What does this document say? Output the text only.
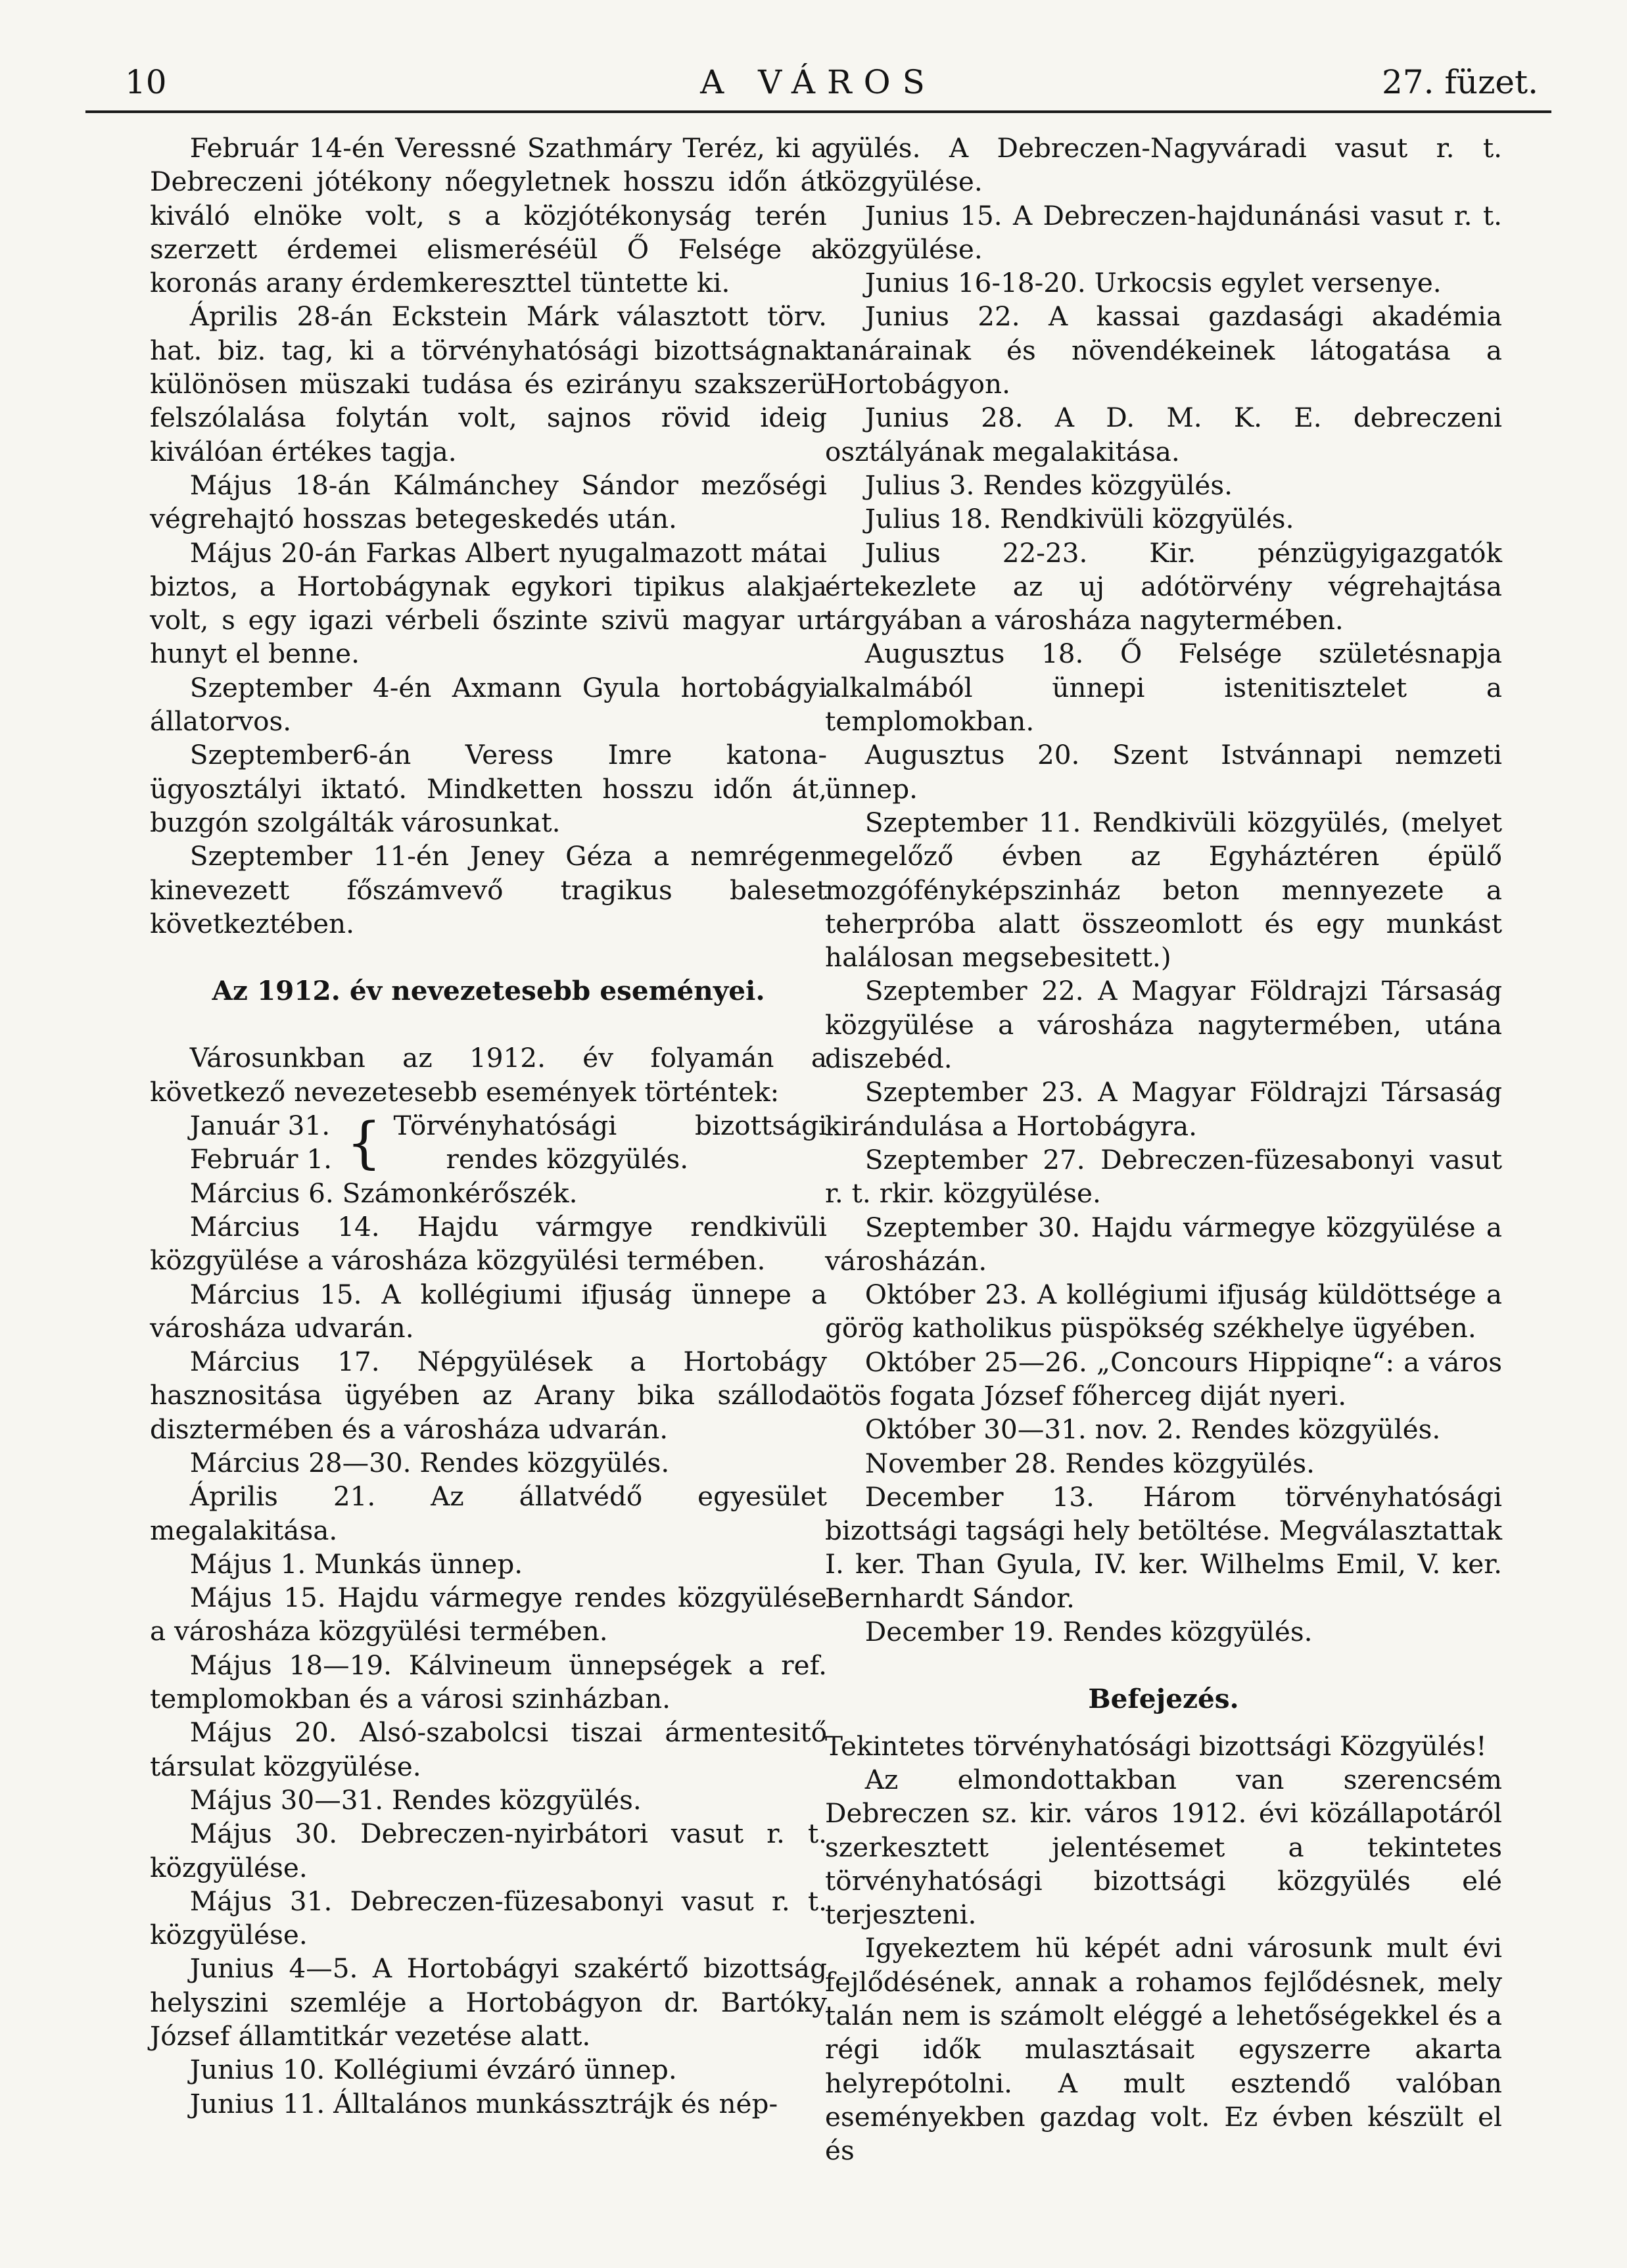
10	A VÁROS	27. füzet.

Február 14-én Veressné Szathmáry Teréz, ki a Debreczeni jótékony nőegyletnek hosszu időn át kiváló elnöke volt, s a közjótékonyság terén szerzett érdemei elismeréséül Ő Felsége a koronás arany érdemkereszttel tüntette ki.

Április 28-án Eckstein Márk választott törv. hat. biz. tag, ki a törvényhatósági bizottságnak különösen müszaki tudása és ezirányu szakszerü felszólalása folytán volt, sajnos rövid ideig kiválóan értékes tagja.

Május 18-án Kálmánchey Sándor mezőségi végrehajtó hosszas betegeskedés után.

Május 20-án Farkas Albert nyugalmazott mátai biztos, a Hortobágynak egykori tipikus alakja volt, s egy igazi vérbeli őszinte szivü magyar ur hunyt el benne.

Szeptember 4-én Axmann Gyula hortobágyi állatorvos.

Szeptember6-án Veress Imre katona-ügyosztályi iktató. Mindketten hosszu időn át, buzgón szolgálták városunkat.

Szeptember 11-én Jeney Géza a nemrégen kinevezett főszámvevő tragikus baleset következtében.

Az 1912. év nevezetesebb eseményei.

Városunkban az 1912. év folyamán a következő nevezetesebb események történtek:

Január 31.
Február 1. { Törvényhatósági bizottsági
rendes közgyülés.

Március 6. Számonkérőszék.

Március 14. Hajdu vármgye rendkivüli közgyülése a városháza közgyülési termében.

Március 15. A kollégiumi ifjuság ünnepe a városháza udvarán.

Március 17. Népgyülések a Hortobágy hasznositása ügyében az Arany bika szálloda disztermében és a városháza udvarán.

Március 28—30. Rendes közgyülés.

Április 21. Az állatvédő egyesület megalakitása.

Május 1. Munkás ünnep.

Május 15. Hajdu vármegye rendes közgyülése a városháza közgyülési termében.

Május 18—19. Kálvineum ünnepségek a ref. templomokban és a városi szinházban.

Május 20. Alsó-szabolcsi tiszai ármentesitő társulat közgyülése.

Május 30—31. Rendes közgyülés.

Május 30. Debreczen-nyirbátori vasut r. t. közgyülése.

Május 31. Debreczen-füzesabonyi vasut r. t. közgyülése.

Junius 4—5. A Hortobágyi szakértő bizottság helyszini szemléje a Hortobágyon dr. Bartóky József államtitkár vezetése alatt.

Junius 10. Kollégiumi évzáró ünnep.

Junius 11. Álltalános munkássztrájk és nép-

gyülés. A Debreczen-Nagyváradi vasut r. t. közgyülése.

Junius 15. A Debreczen-hajdunánási vasut r. t. közgyülése.

Junius 16-18-20. Urkocsis egylet versenye.

Junius 22. A kassai gazdasági akadémia tanárainak és növendékeinek látogatása a Hortobágyon.

Junius 28. A D. M. K. E. debreczeni osztályának megalakitása.

Julius 3. Rendes közgyülés.

Julius 18. Rendkivüli közgyülés.

Julius 22-23. Kir. pénzügyigazgatók értekezlete az uj adótörvény végrehajtása tárgyában a városháza nagytermében.

Augusztus 18. Ő Felsége születésnapja alkalmából ünnepi istenitisztelet a templomokban.

Augusztus 20. Szent Istvánnapi nemzeti ünnep.

Szeptember 11. Rendkivüli közgyülés, (melyet megelőző évben az Egyháztéren épülő mozgófényképszinház beton mennyezete a teherpróba alatt összeomlott és egy munkást halálosan megsebesitett.)

Szeptember 22. A Magyar Földrajzi Társaság közgyülése a városháza nagytermében, utána diszebéd.

Szeptember 23. A Magyar Földrajzi Társaság kirándulása a Hortobágyra.

Szeptember 27. Debreczen-füzesabonyi vasut r. t. rkir. közgyülése.

Szeptember 30. Hajdu vármegye közgyülése a városházán.

Október 23. A kollégiumi ifjuság küldöttsége a görög katholikus püspökség székhelye ügyében.

Október 25—26. „Concours Hippiqne“: a város ötös fogata József főherceg diját nyeri.

Október 30—31. nov. 2. Rendes közgyülés.

November 28. Rendes közgyülés.

December 13. Három törvényhatósági bizottsági tagsági hely betöltése. Megválasztattak I. ker. Than Gyula, IV. ker. Wilhelms Emil, V. ker. Bernhardt Sándor.

December 19. Rendes közgyülés.

Befejezés.

Tekintetes törvényhatósági bizottsági Közgyülés!

Az elmondottakban van szerencsém Debreczen sz. kir. város 1912. évi közállapotáról szerkesztett jelentésemet a tekintetes törvényhatósági bizottsági közgyülés elé terjeszteni.

Igyekeztem hü képét adni városunk mult évi fejlődésének, annak a rohamos fejlődésnek, mely talán nem is számolt eléggé a lehetőségekkel és a régi idők mulasztásait egyszerre akarta helyrepótolni. A mult esztendő valóban eseményekben gazdag volt. Ez évben készült el és
